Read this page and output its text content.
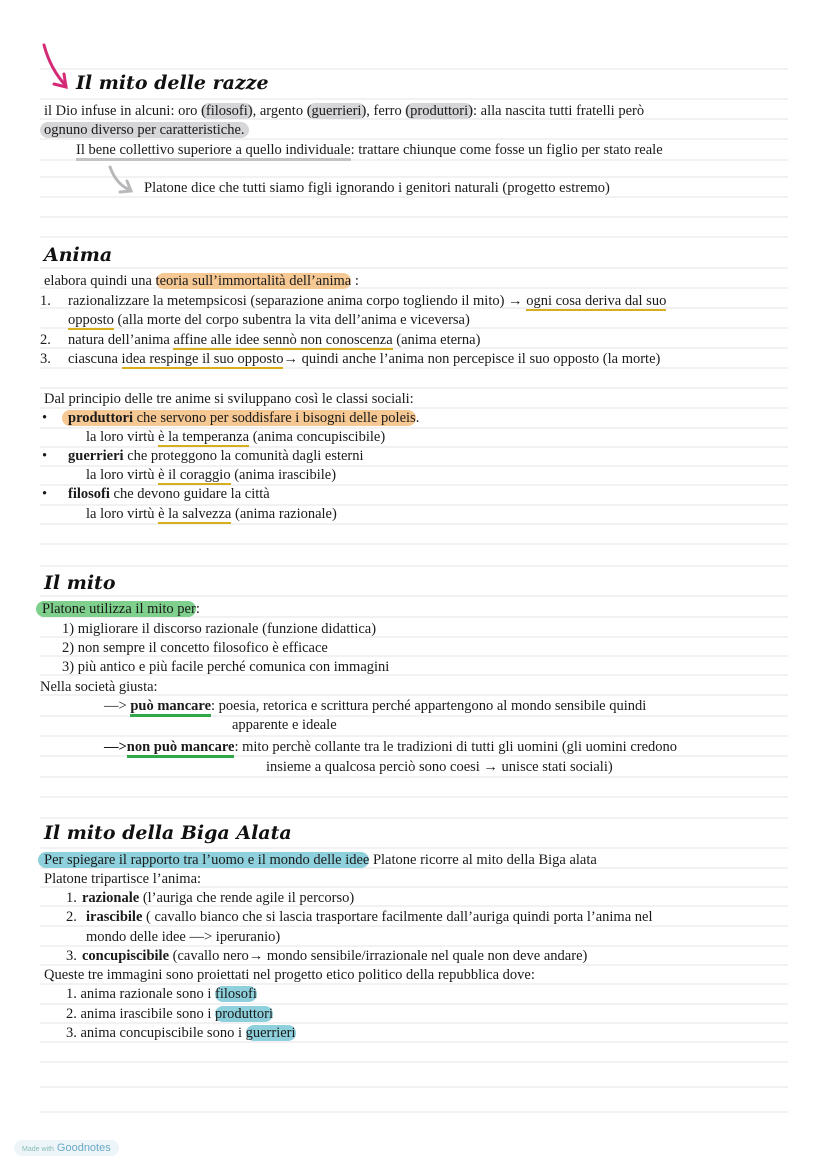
Il mito delle razze
il Dio infuse in alcuni: oro (filosofi), argento (guerrieri), ferro (produttori): alla nascita tutti fratelli però
ognuno diverso per caratteristiche.
Il bene collettivo superiore a quello individuale: trattare chiunque come fosse un figlio per stato reale
Platone dice che tutti siamo figli ignorando i genitori naturali (progetto estremo)
Anima
elabora quindi una teoria sull’immortalità dell’anima :
1. razionalizzare la metempsicosi (separazione anima corpo togliendo il mito) → ogni cosa deriva dal suo
opposto (alla morte del corpo subentra la vita dell’anima e viceversa)
2. natura dell’anima affine alle idee sennò non conoscenza (anima eterna)
3. ciascuna idea respinge il suo opposto→ quindi anche l’anima non percepisce il suo opposto (la morte)
Dal principio delle tre anime si sviluppano così le classi sociali:
•	produttori che servono per soddisfare i bisogni delle poleis.
la loro virtù è la temperanza (anima concupiscibile)
• guerrieri che proteggono la comunità dagli esterni
la loro virtù è il coraggio (anima irascibile)
• filosofi che devono guidare la città
la loro virtù è la salvezza (anima razionale)
Il mito
Platone utilizza il mito per:
1) migliorare il discorso razionale (funzione didattica)
2) non sempre il concetto filosofico è efficace
3) più antico e più facile perché comunica con immagini
Nella società giusta:
—> può mancare: poesia, retorica e scrittura perché appartengono al mondo sensibile quindi
apparente e ideale
—>non può mancare: mito perchè collante tra le tradizioni di tutti gli uomini (gli uomini credono
insieme a qualcosa perciò sono coesi → unisce stati sociali)
Il mito della Biga Alata
Per spiegare il rapporto tra l’uomo e il mondo delle idee Platone ricorre al mito della Biga alata
Platone tripartisce l’anima:
1. razionale (l’auriga che rende agile il percorso)
2. irascibile ( cavallo bianco che si lascia trasportare facilmente dall’auriga quindi porta l’anima nel
mondo delle idee —> iperuranio)
3. concupiscibile (cavallo nero→ mondo sensibile/irrazionale nel quale non deve andare)
Queste tre immagini sono proiettati nel progetto etico politico della repubblica dove:
1. anima razionale sono i filosofi
2. anima irascibile sono i produttori
3. anima concupiscibile sono i guerrieri
Made with Goodnotes
